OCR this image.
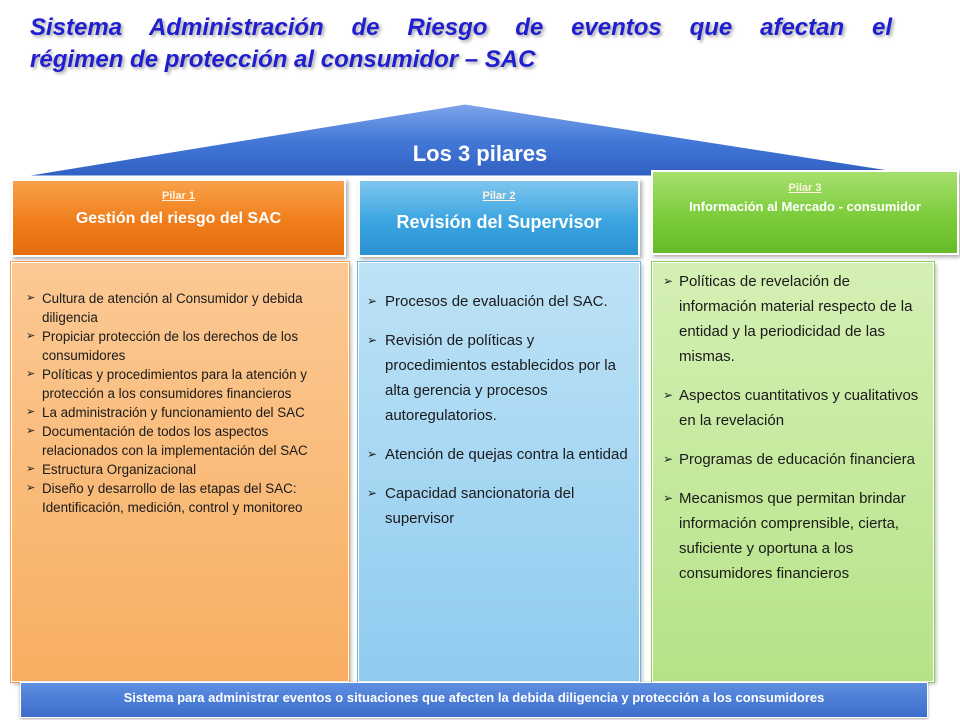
Sistema Administración de Riesgo de eventos que afectan el
régimen de protección al consumidor – SAC
Los 3 pilares
Pilar 1
Gestión del riesgo del SAC
Pilar 2
Revisión del Supervisor
Pilar 3
Información al Mercado - consumidor
➢ Cultura de atención al Consumidor y debida diligencia
➢ Propiciar protección de los derechos de los consumidores
➢ Políticas y procedimientos para la atención y protección a los consumidores financieros
➢ La administración y funcionamiento del SAC
➢ Documentación de todos los aspectos relacionados con la implementación del SAC
➢ Estructura Organizacional
➢ Diseño y desarrollo de las etapas del SAC: Identificación, medición, control y monitoreo
➢ Procesos de evaluación del SAC.
➢ Revisión de políticas y procedimientos establecidos por la alta gerencia y procesos autoregulatorios.
➢ Atención de quejas contra la entidad
➢ Capacidad sancionatoria del supervisor
➢ Políticas de revelación de información material respecto de la entidad y la periodicidad de las mismas.
➢ Aspectos cuantitativos y cualitativos en la revelación
➢ Programas de educación financiera
➢ Mecanismos que permitan brindar información comprensible, cierta, suficiente y oportuna a los consumidores financieros
Sistema para administrar eventos o situaciones que afecten la debida diligencia y protección a los consumidores
